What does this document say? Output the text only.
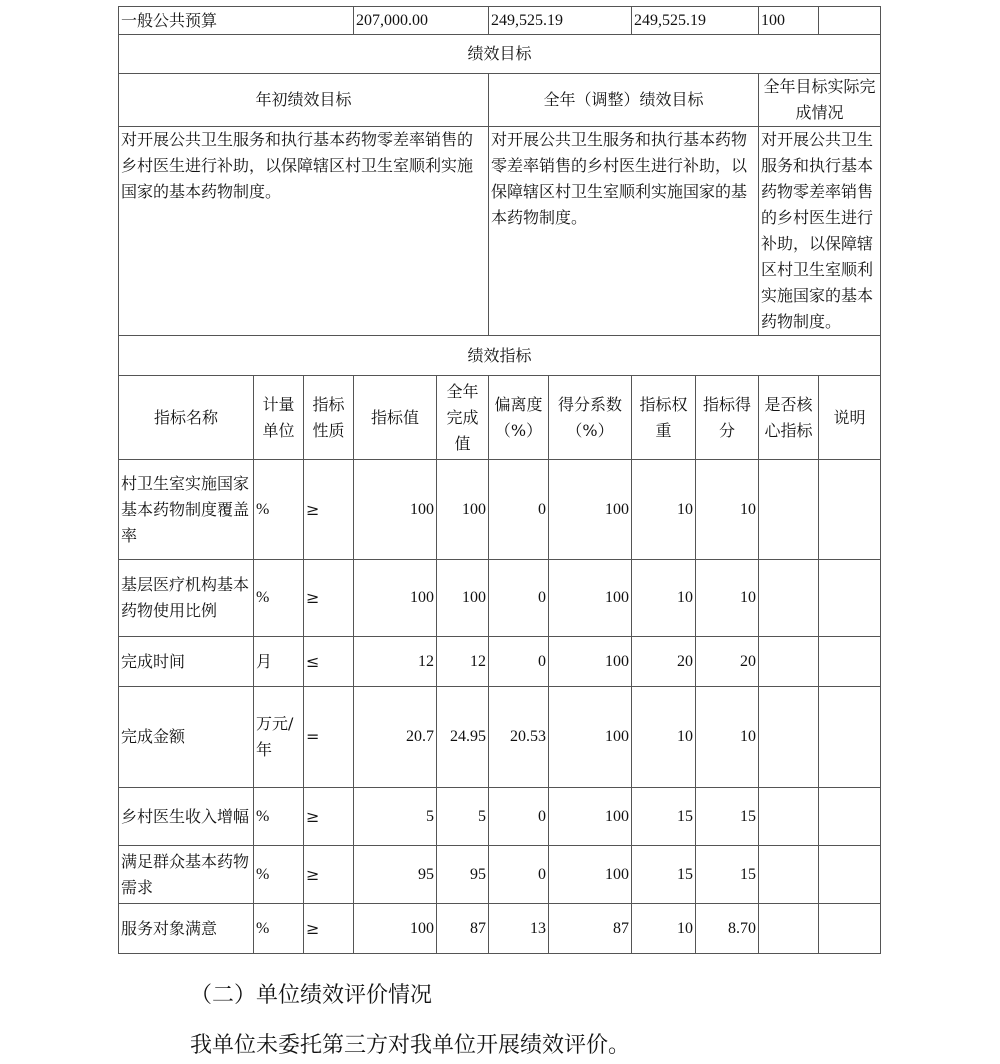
一般公共预算			207,000.00		249,525.19		249,525.19		100	
绩效目标										
年初绩效目标					全年（调整）绩效目标				全年目标实际完成情况	
对开展公共卫生服务和执行基本药物零差率销售的乡村医生进行补助，以保障辖区村卫生室顺利实施国家的基本药物制度。					对开展公共卫生服务和执行基本药物零差率销售的乡村医生进行补助，以保障辖区村卫生室顺利实施国家的基本药物制度。				对开展公共卫生服务和执行基本药物零差率销售的乡村医生进行补助，以保障辖区村卫生室顺利实施国家的基本药物制度。	
绩效指标										
指标名称	计量单位	指标性质	指标值	全年完成值	偏离度（%）	得分系数（%）	指标权重	指标得分	是否核心指标	说明
村卫生室实施国家基本药物制度覆盖率	%	≥	100	100	0	100	10	10		
基层医疗机构基本药物使用比例	%	≥	100	100	0	100	10	10		
完成时间	月	≤	12	12	0	100	20	20		
完成金额	万元/年	=	20.7	24.95	20.53	100	10	10		
乡村医生收入增幅	%	≥	5	5	0	100	15	15		
满足群众基本药物需求	%	≥	95	95	0	100	15	15		
服务对象满意	%	≥	100	87	13	87	10	8.70		
（二）单位绩效评价情况

我单位未委托第三方对我单位开展绩效评价。
